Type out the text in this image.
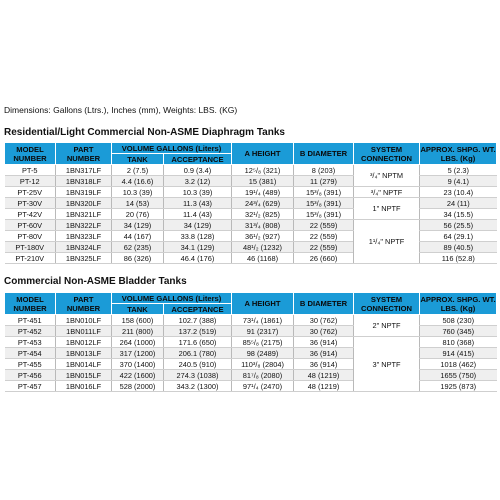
Dimensions: Gallons (Ltrs.), Inches (mm), Weights: LBS. (KG)
Residential/Light Commercial Non-ASME Diaphragm Tanks
MODEL NUMBER	PART NUMBER	VOLUME GALLONS (Liters)		A HEIGHT	B DIAMETER	SYSTEM CONNECTION	APPROX. SHPG. WT. LBS. (Kg)
		TANK	ACCEPTANCE				
PT-5	1BN317LF	2 (7.5)	0.9 (3.4)	12⁵/₈ (321)	8 (203)	³/₄" NPTM	5 (2.3)
PT-12	1BN318LF	4.4 (16.6)	3.2 (12)	15 (381)	11 (279)		9 (4.1)
PT-25V	1BN319LF	10.3 (39)	10.3 (39)	19¹/₄ (489)	15³/₈ (391)	³/₄" NPTF	23 (10.4)
PT-30V	1BN320LF	14 (53)	11.3 (43)	24³/₄ (629)	15³/₈ (391)	1" NPTF	24 (11)
PT-42V	1BN321LF	20 (76)	11.4 (43)	32¹/₂ (825)	15³/₈ (391)		34 (15.5)
PT-60V	1BN322LF	34 (129)	34 (129)	31³/₄ (808)	22 (559)	1¹/₄" NPTF	56 (25.5)
PT-80V	1BN323LF	44 (167)	33.8 (128)	36¹/₂ (927)	22 (559)		64 (29.1)
PT-180V	1BN324LF	62 (235)	34.1 (129)	48¹/₂ (1232)	22 (559)		89 (40.5)
PT-210V	1BN325LF	86 (326)	46.4 (176)	46 (1168)	26 (660)		116 (52.8)
Commercial Non-ASME Bladder Tanks
MODEL NUMBER	PART NUMBER	VOLUME GALLONS (Liters)		A HEIGHT	B DIAMETER	SYSTEM CONNECTION	APPROX. SHPG. WT. LBS. (Kg)
		TANK	ACCEPTANCE				
PT-451	1BN010LF	158 (600)	102.7 (388)	73¹/₄ (1861)	30 (762)	2" NPTF	508 (230)
PT-452	1BN011LF	211 (800)	137.2 (519)	91 (2317)	30 (762)		760 (345)
PT-453	1BN012LF	264 (1000)	171.6 (650)	85⁵/₈ (2175)	36 (914)	3" NPTF	810 (368)
PT-454	1BN013LF	317 (1200)	206.1 (780)	98 (2489)	36 (914)		914 (415)
PT-455	1BN014LF	370 (1400)	240.5 (910)	110³/₈ (2804)	36 (914)		1018 (462)
PT-456	1BN015LF	422 (1600)	274.3 (1038)	81⁷/₈ (2080)	48 (1219)		1655 (750)
PT-457	1BN016LF	528 (2000)	343.2 (1300)	97¹/₄ (2470)	48 (1219)		1925 (873)
